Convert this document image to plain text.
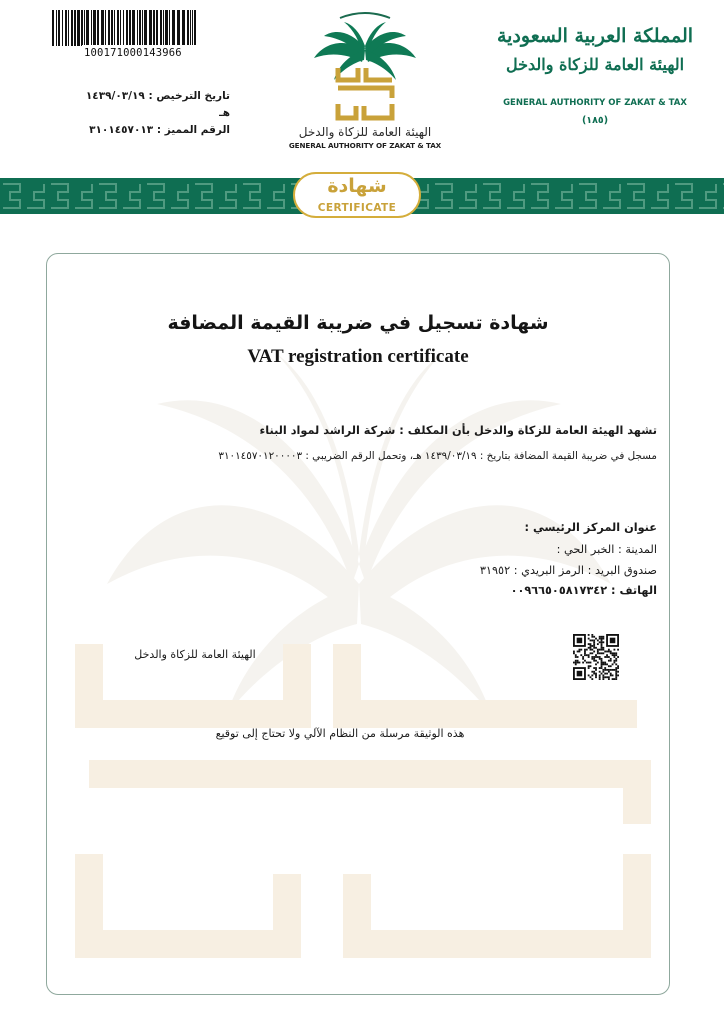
100171000143966
تاريخ الترخيص : ١٤٣٩/٠٣/١٩ هـ
الرقم المميز : ٣١٠١٤٥٧٠١٣	الهيئة العامة للزكاة والدخل
GENERAL AUTHORITY OF ZAKAT & TAX
المملكة العربية السعودية
الهيئة العامة للزكاة والدخل
GENERAL AUTHORITY OF ZAKAT & TAX
(١٨٥)
شهادة
CERTIFICATE
شهادة تسجيل في ضريبة القيمة المضافة
VAT registration certificate
تشهد الهيئة العامة للزكاة والدخل بأن المكلف : شركة الراشد لمواد البناء
مسجل في ضريبة القيمة المضافة بتاريخ : ١٤٣٩/٠٣/١٩ هـ، وتحمل الرقم الضريبي : ٣١٠١٤٥٧٠١٢٠٠٠٠٣
عنوان المركز الرئيسي :
المدينة : الخبر الحي :
صندوق البريد : الرمز البريدي : ٣١٩٥٢
الهاتف : ٠٠٩٦٦٥٠٥٨١٧٣٤٢
الهيئة العامة للزكاة والدخل
هذه الوثيقة مرسلة من النظام الآلي ولا تحتاج إلى توقيع
